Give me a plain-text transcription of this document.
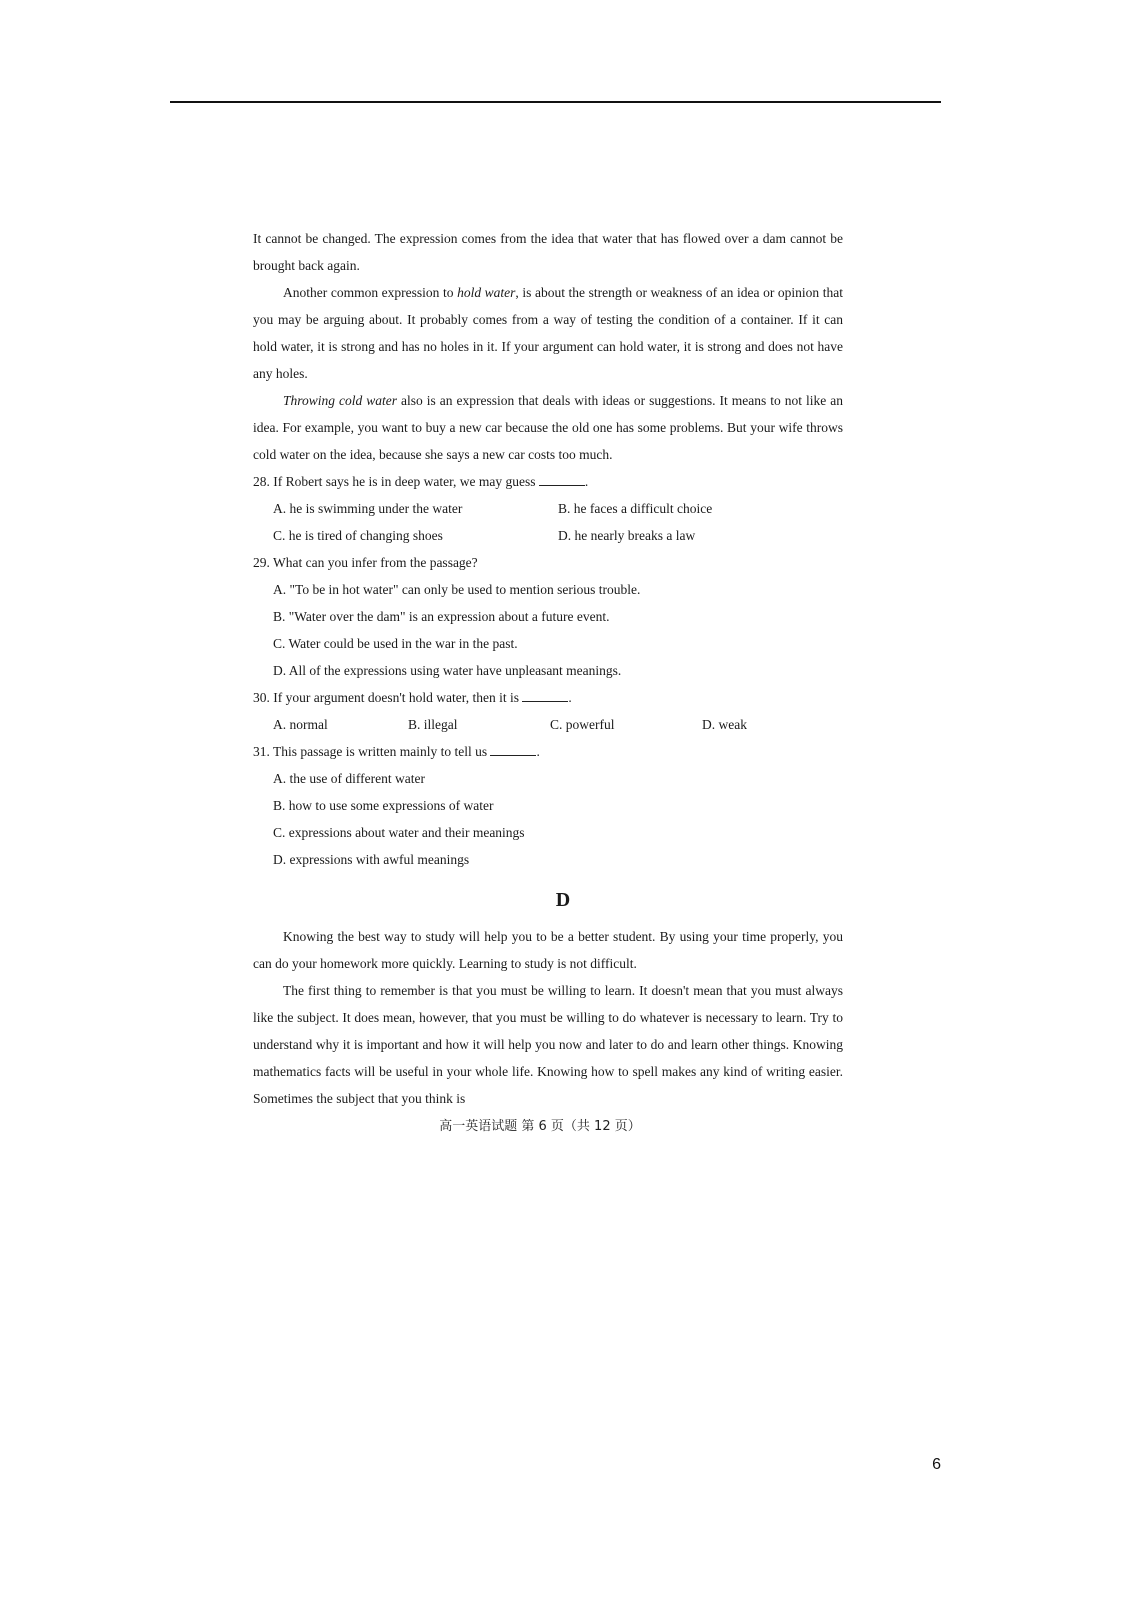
It cannot be changed. The expression comes from the idea that water that has flowed over a dam cannot be brought back again.

Another common expression to hold water, is about the strength or weakness of an idea or opinion that you may be arguing about. It probably comes from a way of testing the condition of a container. If it can hold water, it is strong and has no holes in it. If your argument can hold water, it is strong and does not have any holes.

Throwing cold water also is an expression that deals with ideas or suggestions. It means to not like an idea. For example, you want to buy a new car because the old one has some problems. But your wife throws cold water on the idea, because she says a new car costs too much.

28. If Robert says he is in deep water, we may guess	.

A. he is swimming under the water	B. he faces a difficult choice
C. he is tired of changing shoes	D. he nearly breaks a law

29. What can you infer from the passage?

A. "To be in hot water" can only be used to mention serious trouble.

B. "Water over the dam" is an expression about a future event.

C. Water could be used in the war in the past.

D. All of the expressions using water have unpleasant meanings.

30. If your argument doesn't hold water, then it is	.

A. normal	B. illegal	C. powerful	D. weak

31. This passage is written mainly to tell us	.

A. the use of different water

B. how to use some expressions of water

C. expressions about water and their meanings

D. expressions with awful meanings

D

Knowing the best way to study will help you to be a better student. By using your time properly, you can do your homework more quickly. Learning to study is not difficult.

The first thing to remember is that you must be willing to learn. It doesn't mean that you must always like the subject. It does mean, however, that you must be willing to do whatever is necessary to learn. Try to understand why it is important and how it will help you now and later to do and learn other things. Knowing mathematics facts will be useful in your whole life. Knowing how to spell makes any kind of writing easier. Sometimes the subject that you think is

高一英语试题 第 6 页（共 12 页）
6
